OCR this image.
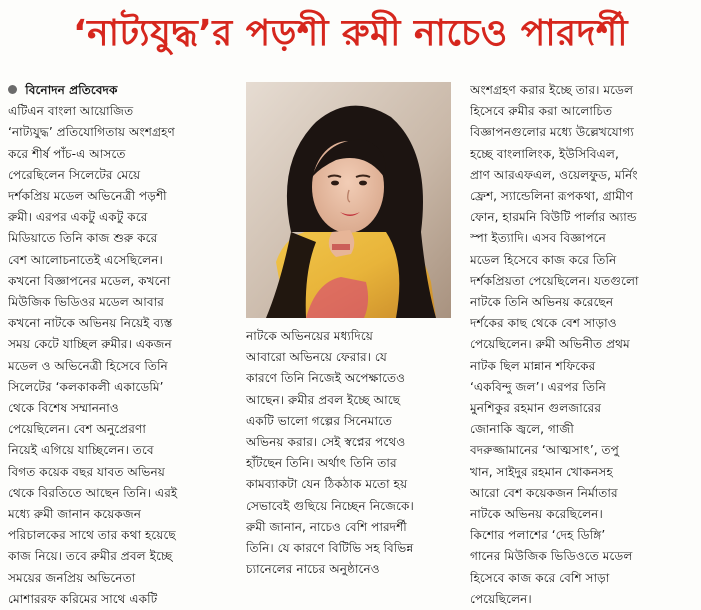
‘নাট্যযুদ্ধ’র পড়শী রুমী নাচেও পারদর্শী
বিনোদন প্রতিবেদক
এটিএন বাংলা আয়োজিত
‘নাট্যযুদ্ধ’ প্রতিযোগিতায় অংশগ্রহণ
করে শীর্ষ পাঁচ-এ আসতে
পেরেছিলেন সিলেটের মেয়ে
দর্শকপ্রিয় মডেল অভিনেত্রী পড়শী
রুমী। এরপর একটু একটু করে
মিডিয়াতে তিনি কাজ শুরু করে
বেশ আলোচনাতেই এসেছিলেন।
কখনো বিজ্ঞাপনের মডেল, কখনো
মিউজিক ভিডিওর মডেল আবার
কখনো নাটকে অভিনয় নিয়েই ব্যস্ত
সময় কেটে যাচ্ছিল রুমীর। একজন
মডেল ও অভিনেত্রী হিসেবে তিনি
সিলেটের ‘কলকাকলী একাডেমি’
থেকে বিশেষ সম্মাননাও
পেয়েছিলেন। বেশ অনুপ্রেরণা
নিয়েই এগিয়ে যাচ্ছিলেন। তবে
বিগত কয়েক বছর যাবত অভিনয়
থেকে বিরতিতে আছেন তিনি। এরই
মধ্যে রুমী জানান কয়েকজন
পরিচালকের সাথে তার কথা হয়েছে
কাজ নিয়ে। তবে রুমীর প্রবল ইচ্ছে
সময়ের জনপ্রিয় অভিনেতা
মোশাররফ করিমের সাথে একটি
নাটকে অভিনয়ের মধ্যদিয়ে
আবারো অভিনয়ে ফেরার। যে
কারণে তিনি নিজেই অপেক্ষাতেও
আছেন। রুমীর প্রবল ইচ্ছে আছে
একটি ভালো গল্পের সিনেমাতে
অভিনয় করার। সেই স্বপ্নের পথেও
হাঁটছেন তিনি। অর্থাৎ তিনি তার
কামব্যাকটা যেন ঠিকঠাক মতো হয়
সেভাবেই গুছিয়ে নিচ্ছেন নিজেকে।
রুমী জানান, নাচেও বেশি পারদর্শী
তিনি। যে কারণে বিটিভি সহ বিভিন্ন
চ্যানেলের নাচের অনুষ্ঠানেও
অংশগ্রহণ করার ইচ্ছে তার। মডেল
হিসেবে রুমীর করা আলোচিত
বিজ্ঞাপনগুলোর মধ্যে উল্লেখযোগ্য
হচ্ছে বাংলালিংক, ইউসিবিএল,
প্রাণ আরএফএল, ওয়েলফুড, মর্নিং
ফ্রেশ, স্যান্ডেলিনা রূপকথা, গ্রামীণ
ফোন, হারমনি বিউটি পার্লার অ্যান্ড
স্পা ইত্যাদি। এসব বিজ্ঞাপনে
মডেল হিসেবে কাজ করে তিনি
দর্শকপ্রিয়তা পেয়েছিলেন। যতগুলো
নাটকে তিনি অভিনয় করেছেন
দর্শকের কাছ থেকে বেশ সাড়াও
পেয়েছিলেন। রুমী অভিনীত প্রথম
নাটক ছিল মান্নান শফিকের
‘একবিন্দু জল’। এরপর তিনি
মুনশিকুর রহমান গুলজারের
জোনাকি জ্বলে, গাজী
বদরুজ্জামানের ‘আত্মসাৎ’, তপু
খান, সাইদুর রহমান খোকনসহ
আরো বেশ কয়েকজন নির্মাতার
নাটকে অভিনয় করেছিলেন।
কিশোর পলাশের ‘দেহ ডিঙ্গি’
গানের মিউজিক ভিডিওতে মডেল
হিসেবে কাজ করে বেশি সাড়া
পেয়েছিলেন।
